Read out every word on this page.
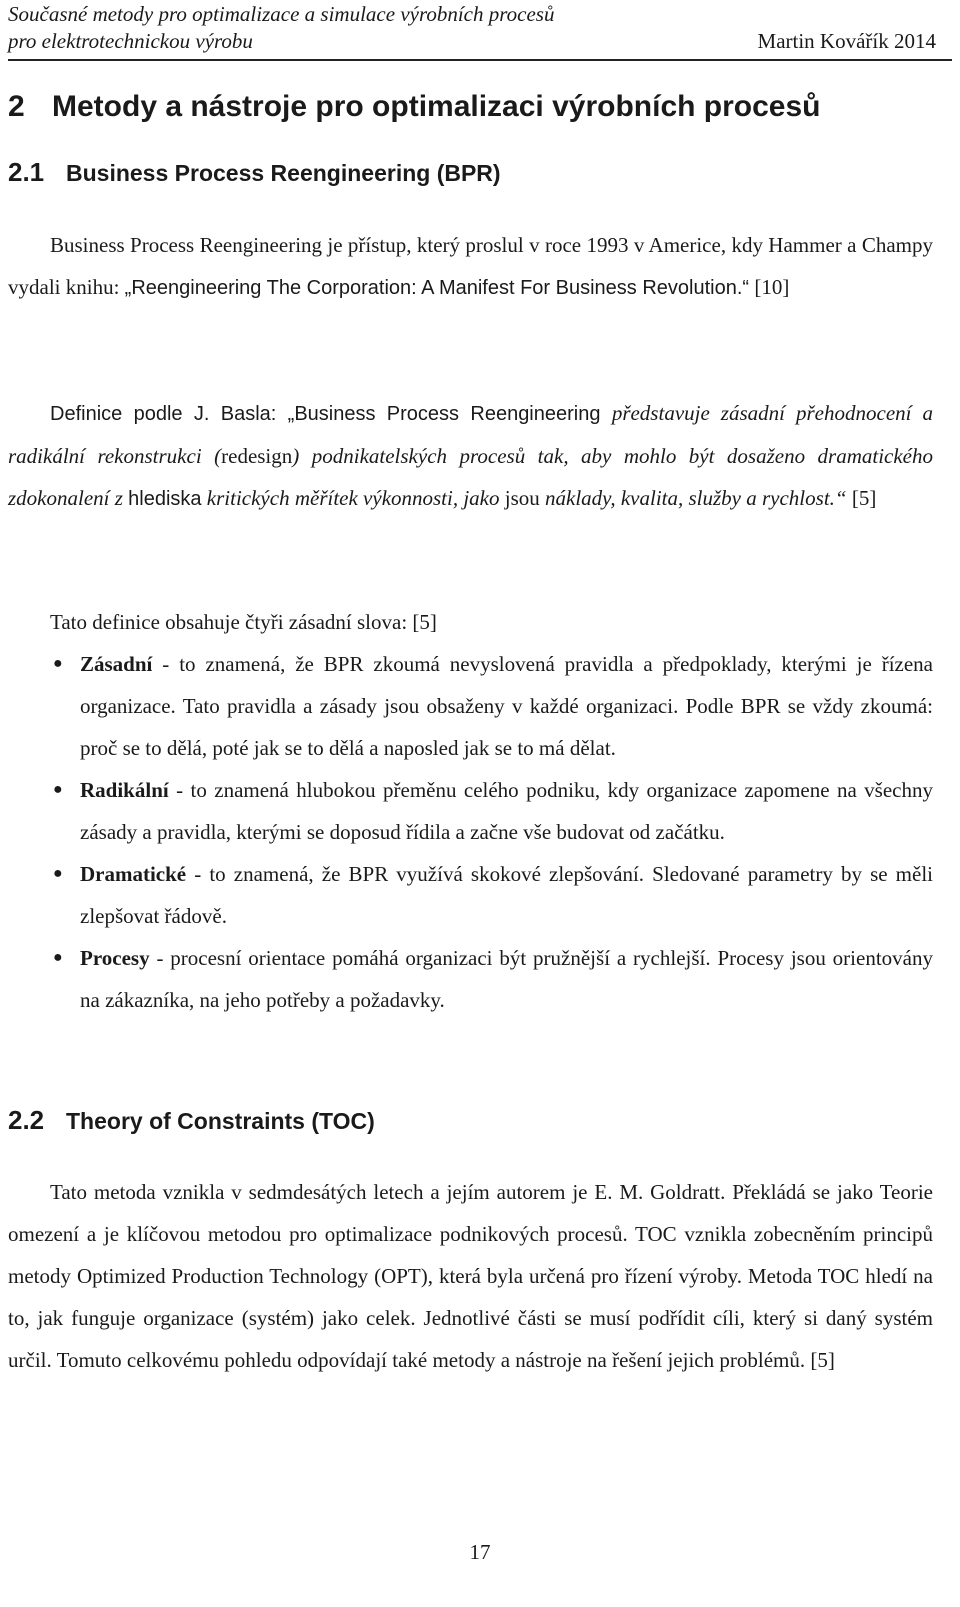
Současné metody pro optimalizace a simulace výrobních procesů
pro elektrotechnickou výrobu	Martin Kovářík 2014
2 Metody a nástroje pro optimalizaci výrobních procesů
2.1 Business Process Reengineering (BPR)

Business Process Reengineering je přístup, který proslul v roce 1993 v Americe, kdy Hammer a Champy vydali knihu: „Reengineering The Corporation: A Manifest For Business Revolution.“ [10]

Definice podle J. Basla: „Business Process Reengineering představuje zásadní přehodnocení a radikální rekonstrukci (redesign) podnikatelských procesů tak, aby mohlo být dosaženo dramatického zdokonalení z hlediska kritických měřítek výkonnosti, jako jsou náklady, kvalita, služby a rychlost.“ [5]

Tato definice obsahuje čtyři zásadní slova: [5]

● Zásadní - to znamená, že BPR zkoumá nevyslovená pravidla a předpoklady, kterými je řízena organizace. Tato pravidla a zásady jsou obsaženy v každé organizaci. Podle BPR se vždy zkoumá: proč se to dělá, poté jak se to dělá a naposled jak se to má dělat.
● Radikální - to znamená hlubokou přeměnu celého podniku, kdy organizace zapomene na všechny zásady a pravidla, kterými se doposud řídila a začne vše budovat od začátku.
● Dramatické - to znamená, že BPR využívá skokové zlepšování. Sledované parametry by se měli zlepšovat řádově.
● Procesy - procesní orientace pomáhá organizaci být pružnější a rychlejší. Procesy jsou orientovány na zákazníka, na jeho potřeby a požadavky.
2.2 Theory of Constraints (TOC)

Tato metoda vznikla v sedmdesátých letech a jejím autorem je E. M. Goldratt. Překládá se jako Teorie omezení a je klíčovou metodou pro optimalizace podnikových procesů. TOC vznikla zobecněním principů metody Optimized Production Technology (OPT), která byla určená pro řízení výroby. Metoda TOC hledí na to, jak funguje organizace (systém) jako celek. Jednotlivé části se musí podřídit cíli, který si daný systém určil. Tomuto celkovému pohledu odpovídají také metody a nástroje na řešení jejich problémů. [5]

17
